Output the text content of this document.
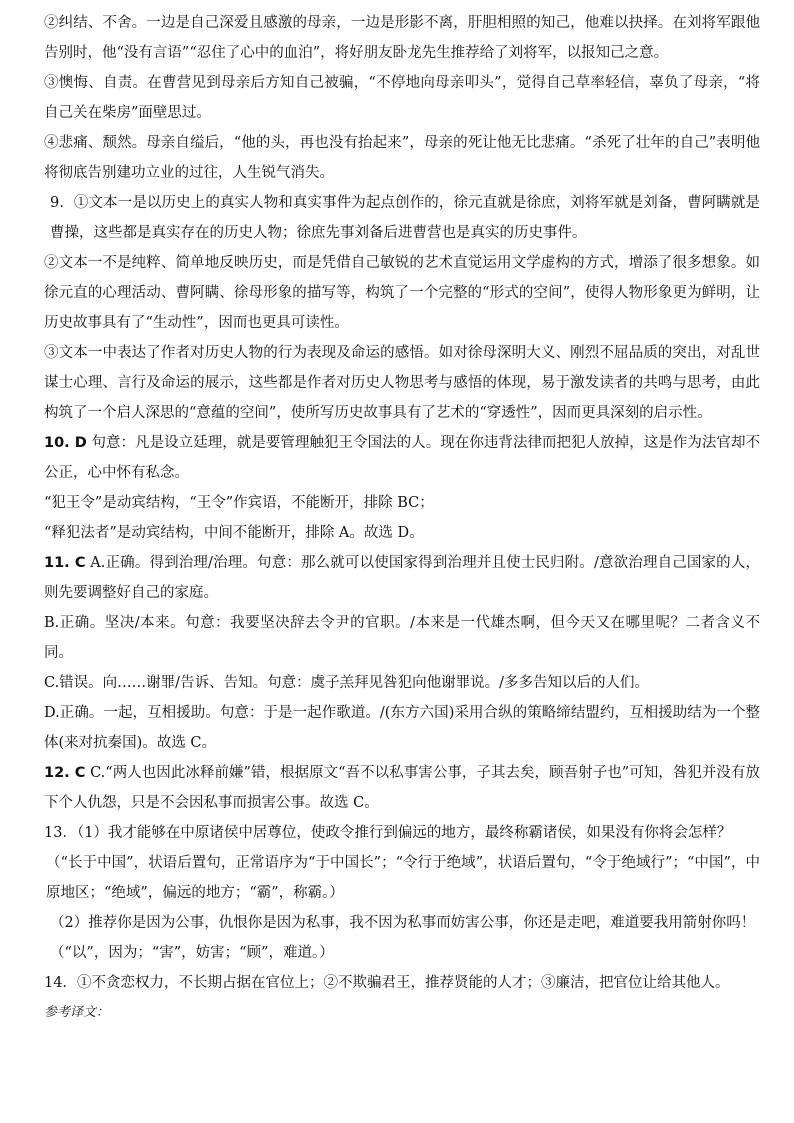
②纠结、不舍。一边是自己深爱且感激的母亲，一边是形影不离，肝胆相照的知己，他难以抉择。在刘将军跟他告别时，他“没有言语”“忍住了心中的血泊”，将好朋友卧龙先生推荐给了刘将军，以报知己之意。

③懊悔、自责。在曹营见到母亲后方知自己被骗，“不停地向母亲叩头”，觉得自己草率轻信，辜负了母亲，“将自己关在柴房”面壁思过。

④悲痛、颓然。母亲自缢后，“他的头，再也没有抬起来”，母亲的死让他无比悲痛。“杀死了壮年的自己”表明他将彻底告别建功立业的过往，人生锐气消失。

9．①文本一是以历史上的真实人物和真实事件为起点创作的，徐元直就是徐庶，刘将军就是刘备，曹阿瞒就是曹操，这些都是真实存在的历史人物；徐庶先事刘备后进曹营也是真实的历史事件。

②文本一不是纯粹、简单地反映历史，而是凭借自己敏锐的艺术直觉运用文学虚构的方式，增添了很多想象。如徐元直的心理活动、曹阿瞒、徐母形象的描写等，构筑了一个完整的“形式的空间”，使得人物形象更为鲜明，让历史故事具有了“生动性”，因而也更具可读性。

③文本一中表达了作者对历史人物的行为表现及命运的感悟。如对徐母深明大义、刚烈不屈品质的突出，对乱世谋士心理、言行及命运的展示，这些都是作者对历史人物思考与感悟的体现，易于激发读者的共鸣与思考，由此构筑了一个启人深思的“意蕴的空间”，使所写历史故事具有了艺术的“穿透性”，因而更具深刻的启示性。

10. D 句意：凡是设立廷理，就是要管理触犯王令国法的人。现在你违背法律而把犯人放掉，这是作为法官却不公正，心中怀有私念。

“犯王令”是动宾结构，“王令”作宾语，不能断开，排除 BC；

“释犯法者”是动宾结构，中间不能断开，排除 A。故选 D。

11. C A.正确。得到治理/治理。句意：那么就可以使国家得到治理并且使士民归附。/意欲治理自己国家的人，则先要调整好自己的家庭。

B.正确。坚决/本来。句意：我要坚决辞去令尹的官职。/本来是一代雄杰啊，但今天又在哪里呢？二者含义不同。

C.错误。向……谢罪/告诉、告知。句意：虞子羔拜见咎犯向他谢罪说。/多多告知以后的人们。

D.正确。一起，互相援助。句意：于是一起作歌道。/(东方六国)采用合纵的策略缔结盟约，互相援助结为一个整体(来对抗秦国)。故选 C。

12. C C.“两人也因此冰释前嫌”错，根据原文“吾不以私事害公事，子其去矣，顾吾射子也”可知，咎犯并没有放下个人仇怨，只是不会因私事而损害公事。故选 C。

13．（1）我才能够在中原诸侯中居尊位，使政令推行到偏远的地方，最终称霸诸侯，如果没有你将会怎样？

（“长于中国”，状语后置句，正常语序为“于中国长”；“令行于绝域”，状语后置句，“令于绝域行”；“中国”，中原地区；“绝域”，偏远的地方；“霸”，称霸。）

（2）推荐你是因为公事，仇恨你是因为私事，我不因为私事而妨害公事，你还是走吧，难道要我用箭射你吗！

（“以”，因为；“害”，妨害；“顾”，难道。）

14．①不贪恋权力，不长期占据在官位上；②不欺骗君王，推荐贤能的人才；③廉洁，把官位让给其他人。

参考译文：
